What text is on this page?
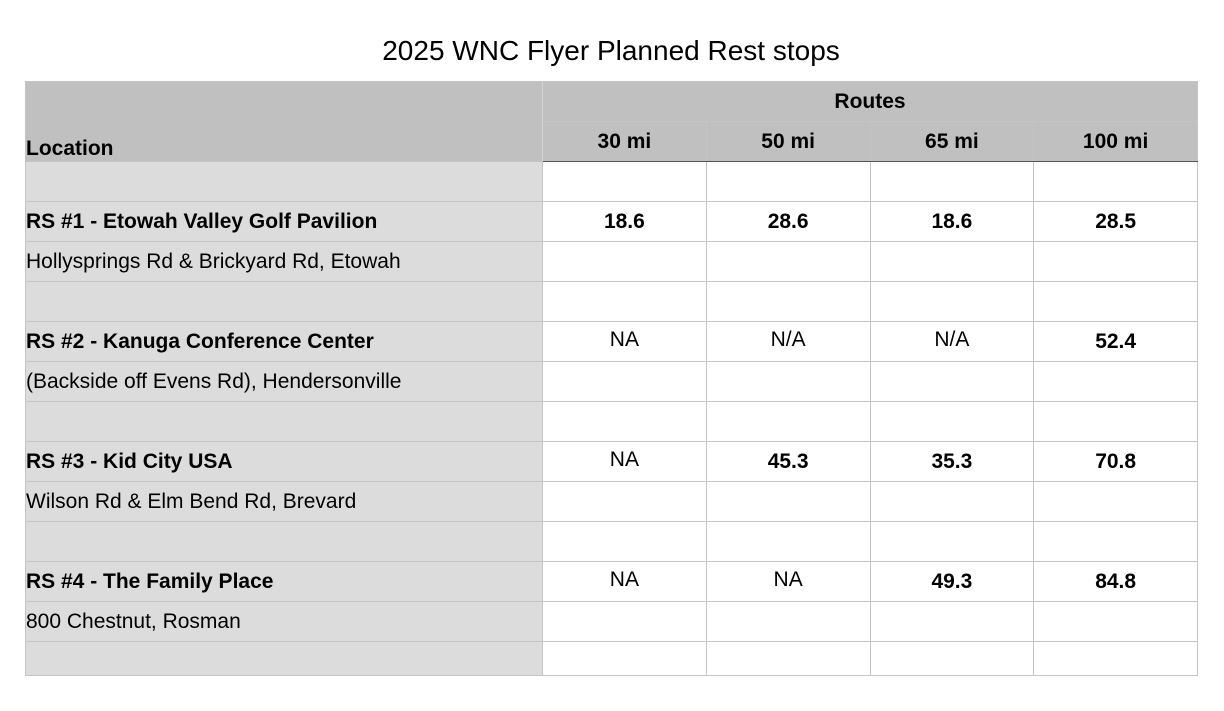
2025 WNC Flyer Planned Rest stops
Location	Routes			
	30 mi	50 mi	65 mi	100 mi

RS #1 - Etowah Valley Golf Pavilion	18.6	28.6	18.6	28.5
Hollysprings Rd & Brickyard Rd, Etowah				

RS #2 - Kanuga Conference Center	NA	N/A	N/A	52.4
(Backside off Evens Rd), Hendersonville				

RS #3 - Kid City USA	NA	45.3	35.3	70.8
Wilson Rd & Elm Bend Rd, Brevard				

RS #4 - The Family Place	NA	NA	49.3	84.8
800 Chestnut, Rosman				
